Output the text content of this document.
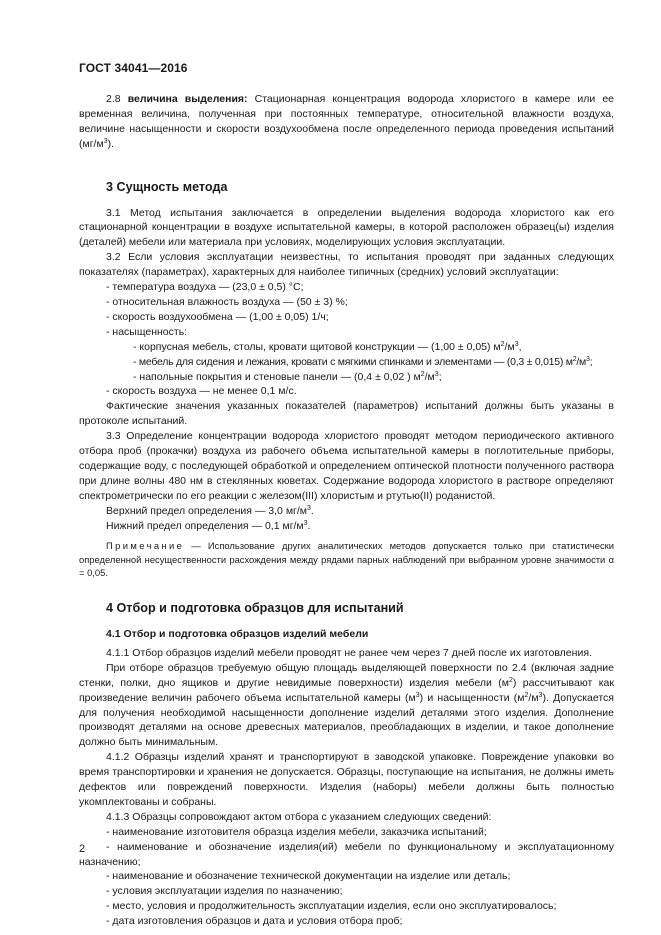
ГОСТ 34041—2016

2.8 величина выделения: Стационарная концентрация водорода хлористого в камере или ее временная величина, полученная при постоянных температуре, относительной влажности воздуха, величине насыщенности и скорости воздухообмена после определенного периода проведения испытаний $(мг/м^3)$.

3 Сущность метода

3.1 Метод испытания заключается в определении выделения водорода хлористого как его стационарной концентрации в воздухе испытательной камеры, в которой расположен образец(ы) изделия (деталей) мебели или материала при условиях, моделирующих условия эксплуатации.

3.2 Если условия эксплуатации неизвестны, то испытания проводят при заданных следующих показателях (параметрах), характерных для наиболее типичных (средних) условий эксплуатации:

- температура воздуха — (23,0 ± 0,5) °С;

- относительная влажность воздуха — (50 ± 3) %;

- скорость воздухообмена — (1,00 ± 0,05) 1/ч;

- насыщенность:

- корпусная мебель, столы, кровати щитовой конструкции — (1,00 ± 0,05) $м^2/м^3$,

- мебель для сидения и лежания, кровати с мягкими спинками и элементами — (0,3 ± 0,015) $м^2/м^3$;

- напольные покрытия и стеновые панели — (0,4 ± 0,02 ) $м^2/м^3$;

- скорость воздуха — не менее 0,1 м/с.

Фактические значения указанных показателей (параметров) испытаний должны быть указаны в протоколе испытаний.

3.3 Определение концентрации водорода хлористого проводят методом периодического активного отбора проб (прокачки) воздуха из рабочего объема испытательной камеры в поглотительные приборы, содержащие воду, с последующей обработкой и определением оптической плотности полученного раствора при длине волны 480 нм в стеклянных кюветах. Содержание водорода хлористого в растворе определяют спектрометрически по его реакции с железом(III) хлористым и ртутью(II) роданистой.

Верхний предел определения — 3,0 $мг/м^3$.

Нижний предел определения — 0,1 $мг/м^3$.

Примечание — Использование других аналитических методов допускается только при статистически определенной несущественности расхождения между рядами парных наблюдений при выбранном уровне значимости α = 0,05.

4 Отбор и подготовка образцов для испытаний
4.1 Отбор и подготовка образцов изделий мебели

4.1.1 Отбор образцов изделий мебели проводят не ранее чем через 7 дней после их изготовления.

При отборе образцов требуемую общую площадь выделяющей поверхности по 2.4 (включая задние стенки, полки, дно ящиков и другие невидимые поверхности) изделия мебели $(м^2)$ рассчитывают как произведение величин рабочего объема испытательной камеры $(м^3)$ и насыщенности $(м^2/м^3)$. Допускается для получения необходимой насыщенности дополнение изделий деталями этого изделия. Дополнение производят деталями на основе древесных материалов, преобладающих в изделии, и такое дополнение должно быть минимальным.

4.1.2 Образцы изделий хранят и транспортируют в заводской упаковке. Повреждение упаковки во время транспортировки и хранения не допускается. Образцы, поступающие на испытания, не должны иметь дефектов или повреждений поверхности. Изделия (наборы) мебели должны быть полностью укомплектованы и собраны.

4.1.3 Образцы сопровождают актом отбора с указанием следующих сведений:

- наименование изготовителя образца изделия мебели, заказчика испытаний;

- наименование и обозначение изделия(ий) мебели по функциональному и эксплуатационному назначению;

- наименование и обозначение технической документации на изделие или деталь;

- условия эксплуатации изделия по назначению;

- место, условия и продолжительность эксплуатации изделия, если оно эксплуатировалось;

- дата изготовления образцов и дата и условия отбора проб;

2
